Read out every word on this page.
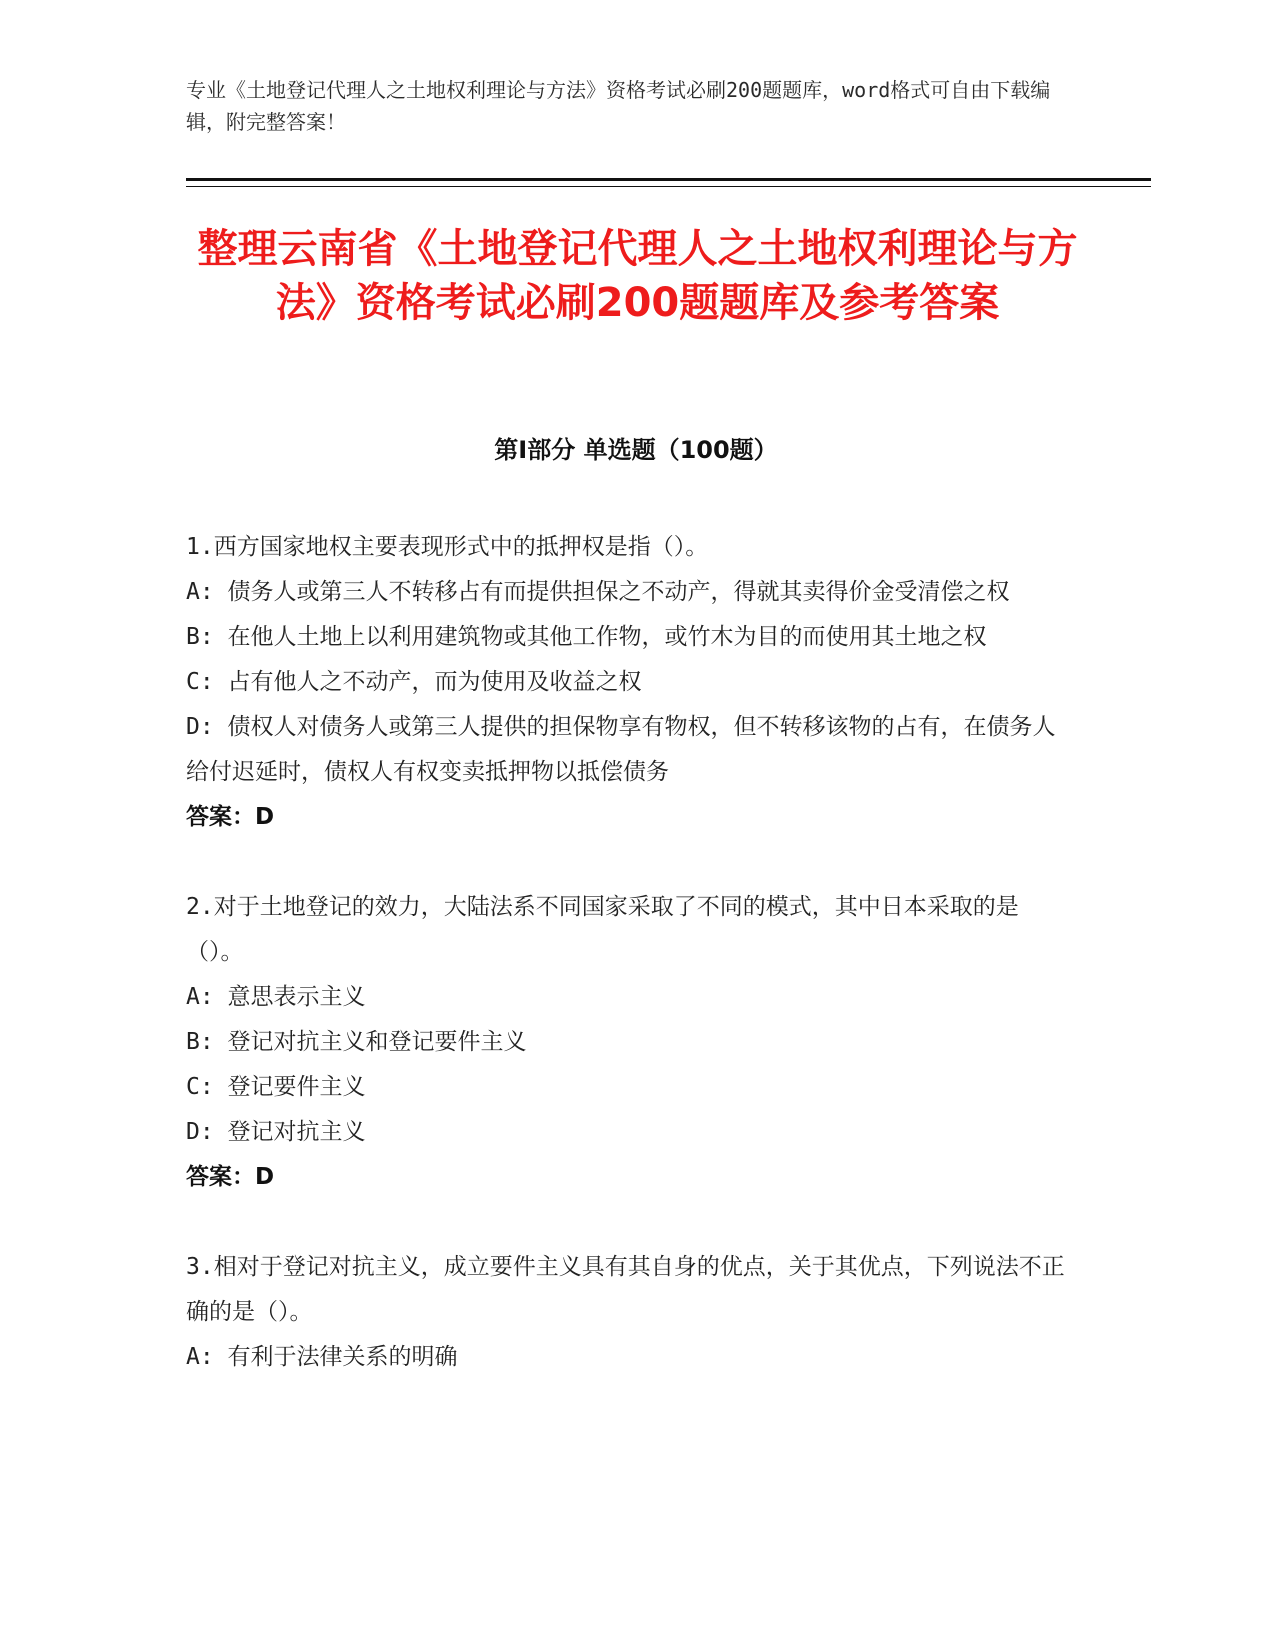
专业《土地登记代理人之土地权利理论与方法》资格考试必刷200题题库，word格式可自由下载编辑，附完整答案！
整理云南省《土地登记代理人之土地权利理论与方法》资格考试必刷200题题库及参考答案
第I部分 单选题（100题）

1.西方国家地权主要表现形式中的抵押权是指（）。

A: 债务人或第三人不转移占有而提供担保之不动产，得就其卖得价金受清偿之权

B: 在他人土地上以利用建筑物或其他工作物，或竹木为目的而使用其土地之权

C: 占有他人之不动产，而为使用及收益之权

D: 债权人对债务人或第三人提供的担保物享有物权，但不转移该物的占有，在债务人给付迟延时，债权人有权变卖抵押物以抵偿债务

答案：D

2.对于土地登记的效力，大陆法系不同国家采取了不同的模式，其中日本采取的是（）。

A: 意思表示主义

B: 登记对抗主义和登记要件主义

C: 登记要件主义

D: 登记对抗主义

答案：D

3.相对于登记对抗主义，成立要件主义具有其自身的优点，关于其优点，下列说法不正确的是（）。

A: 有利于法律关系的明确
